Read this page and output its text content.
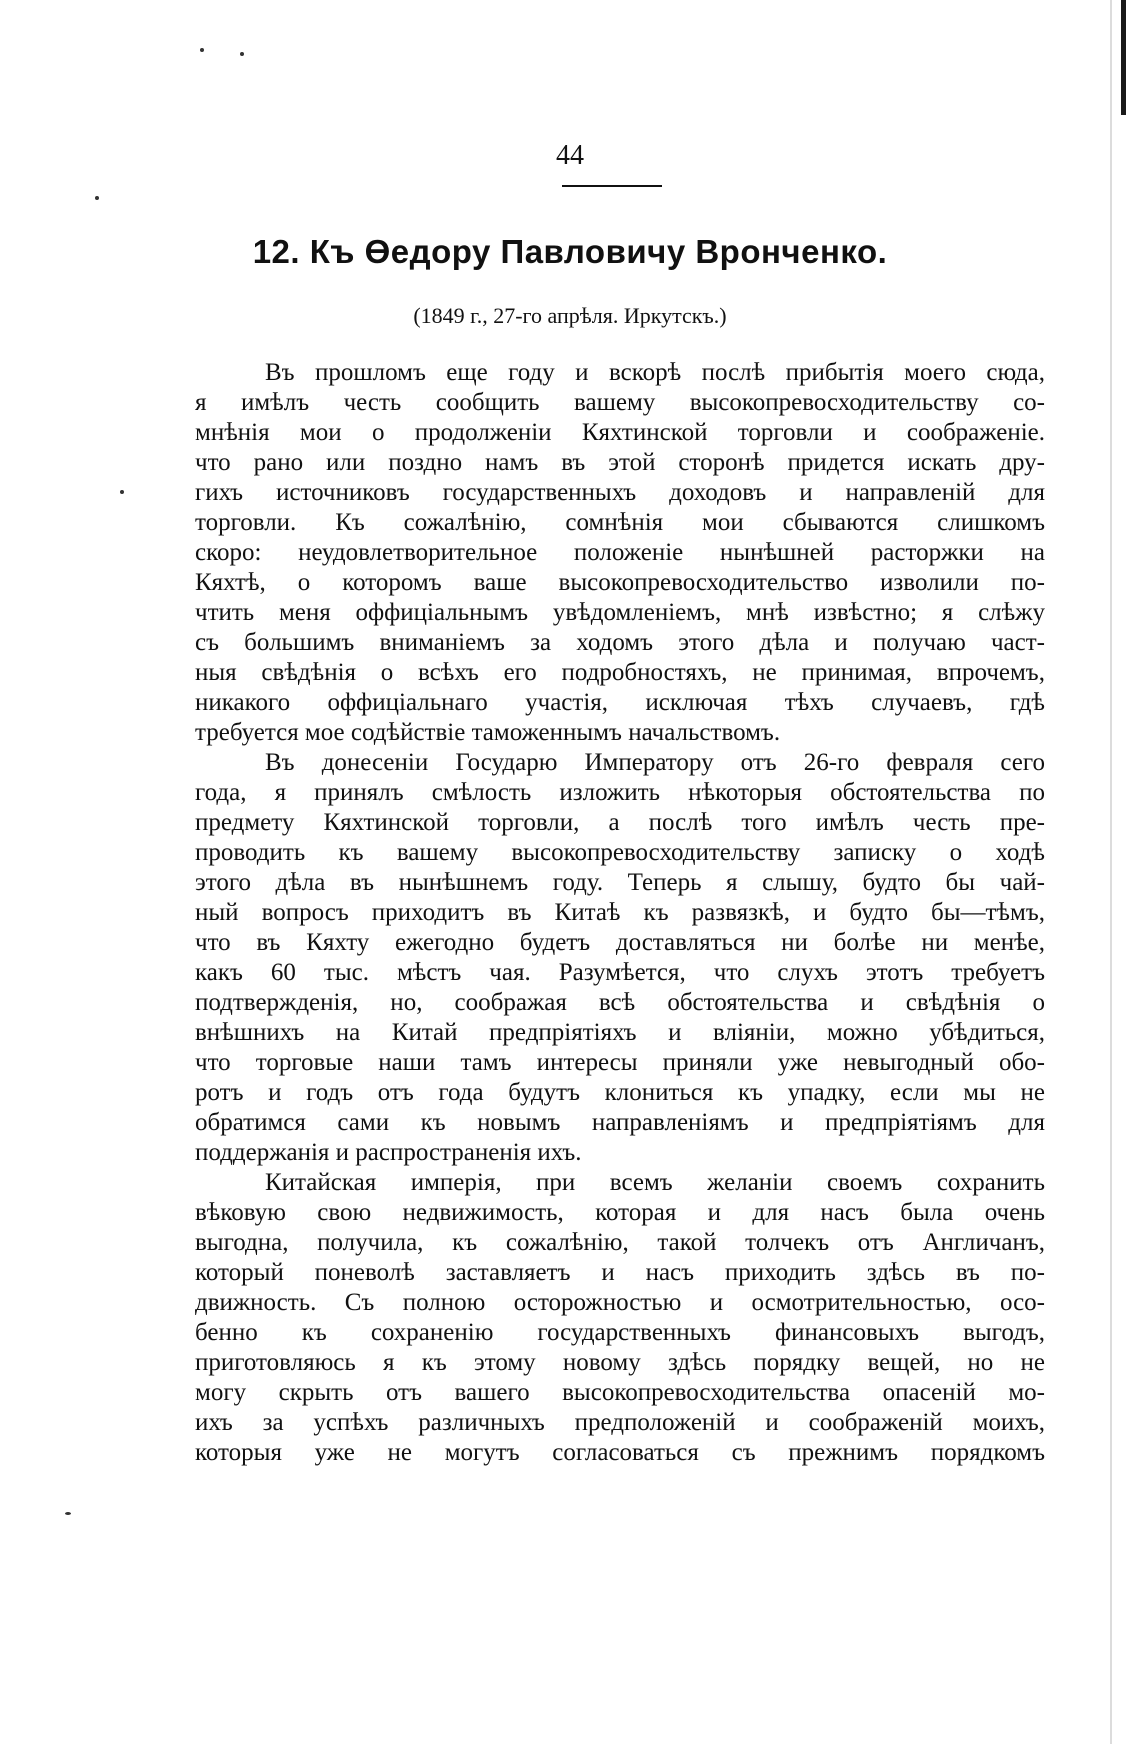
44
12. Къ Өедору Павловичу Врончeнко.
(1849 г., 27-го апрѣля. Иркутскъ.)
Въ прошломъ еще году и вскорѣ послѣ прибытія моего сюда,
я имѣлъ честь сообщить вашему высокопревосходительству со-
мнѣнія мои о продолженіи Кяхтинской торговли и соображеніе.
что рано или поздно намъ въ этой сторонѣ придется искать дру-
гихъ источниковъ государственныхъ доходовъ и направленій для
торговли. Къ сожалѣнію, сомнѣнія мои сбываются слишкомъ
скоро: неудовлетворительное положеніе нынѣшней расторжки на
Кяхтѣ, о которомъ ваше высокопревосходительство изволили по-
чтить меня оффиціальнымъ увѣдомленіемъ, мнѣ извѣстно; я слѣжу
съ большимъ вниманіемъ за ходомъ этого дѣла и получаю част-
ныя свѣдѣнія о всѣхъ его подробностяхъ, не принимая, впрочемъ,
никакого оффиціальнаго участія, исключая тѣхъ случаевъ, гдѣ
требуется мое содѣйствіе таможеннымъ начальствомъ.
Въ донесеніи Государю Императору отъ 26-го февраля сего
года, я принялъ смѣлость изложить нѣкоторыя обстоятельства по
предмету Кяхтинской торговли, а послѣ того имѣлъ честь пре-
проводить къ вашему высокопревосходительству записку о ходѣ
этого дѣла въ нынѣшнемъ году. Теперь я слышу, будто бы чай-
ный вопросъ приходитъ въ Китаѣ къ развязкѣ, и будто бы—тѣмъ,
что въ Кяхту ежегодно будетъ доставляться ни болѣе ни менѣе,
какъ 60 тыс. мѣстъ чая. Разумѣется, что слухъ этотъ требуетъ
подтвержденія, но, соображая всѣ обстоятельства и свѣдѣнія о
внѣшнихъ на Китай предпріятіяхъ и вліяніи, можно убѣдиться,
что торговые наши тамъ интересы приняли уже невыгодный обо-
ротъ и годъ отъ года будутъ клониться къ упадку, если мы не
обратимся сами къ новымъ направленіямъ и предпріятіямъ для
поддержанія и распространенія ихъ.
Китайская имперія, при всемъ желаніи своемъ сохранить
вѣковую свою недвижимость, которая и для насъ была очень
выгодна, получила, къ сожалѣнію, такой толчекъ отъ Англичанъ,
который поневолѣ заставляетъ и насъ приходить здѣсь въ по-
движность. Съ полною осторожностью и осмотрительностью, осо-
бенно къ сохраненію государственныхъ финансовыхъ выгодъ,
приготовляюсь я къ этому новому здѣсь порядку вещей, но не
могу скрыть отъ вашего высокопревосходительства опасеній мо-
ихъ за успѣхъ различныхъ предположеній и соображеній моихъ,
которыя уже не могутъ согласоваться съ прежнимъ порядкомъ
